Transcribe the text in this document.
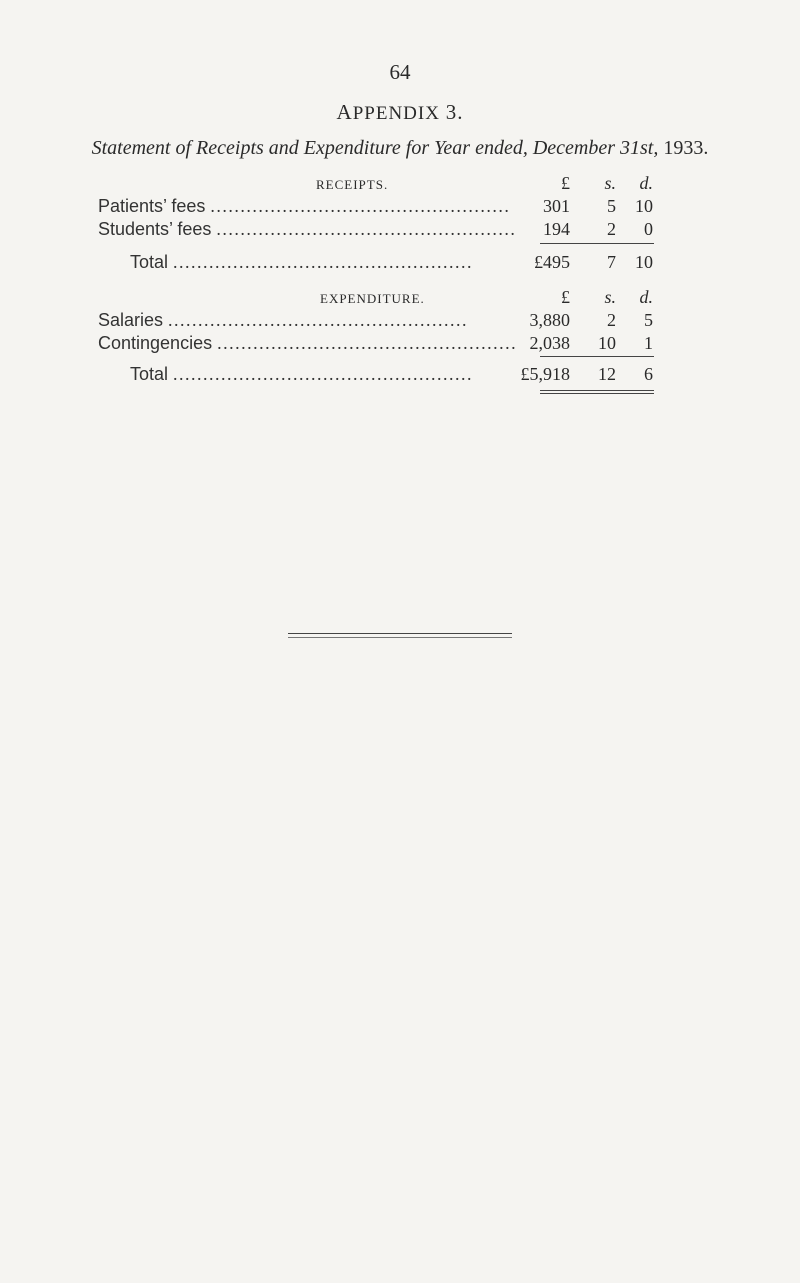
64
APPENDIX 3.
Statement of Receipts and Expenditure for Year ended, December 31st, 1933.
RECEIPTS.	£	s.	d.
Patients’ fees ..................................................	301	5	10
Students’ fees ..................................................	194	2	0
Total ..................................................	£495	7	10
EXPENDITURE.	£	s.	d.
Salaries ..................................................	3,880	2	5
Contingencies .................................................. 2,038	10	1
Total ..................................................	£5,918	12	6
